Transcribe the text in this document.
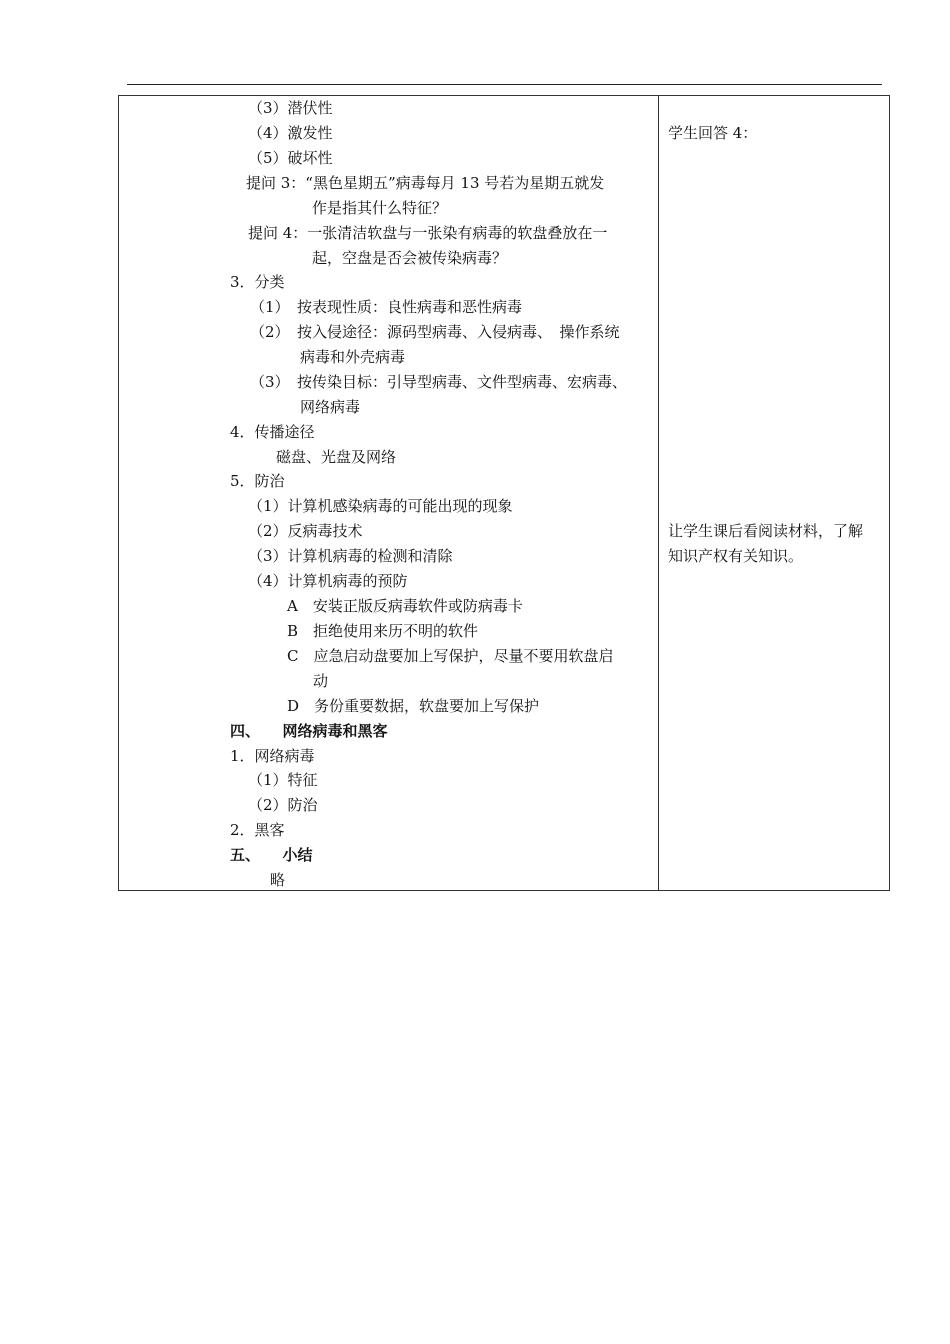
（3）潜伏性
（4）激发性
（5）破坏性
提问 3：“黑色星期五”病毒每月 13 号若为星期五就发
作是指其什么特征？
提问 4：一张清洁软盘与一张染有病毒的软盘叠放在一
起，空盘是否会被传染病毒？
3．分类
（1）　按表现性质：良性病毒和恶性病毒
（2）　按入侵途径：源码型病毒、入侵病毒、　操作系统
病毒和外壳病毒
（3）　按传染目标：引导型病毒、文件型病毒、宏病毒、
网络病毒
4．传播途径
磁盘、光盘及网络
5．防治
（1）计算机感染病毒的可能出现的现象
（2）反病毒技术
（3）计算机病毒的检测和清除
（4）计算机病毒的预防
A　安装正版反病毒软件或防病毒卡
B　拒绝使用来历不明的软件
C　应急启动盘要加上写保护，尽量不要用软盘启
动
D　务份重要数据，软盘要加上写保护
四、　　网络病毒和黑客
1．网络病毒
（1）特征
（2）防治
2．黑客
五、　　小结
略
学生回答 4：
让学生课后看阅读材料，了解
知识产权有关知识。
